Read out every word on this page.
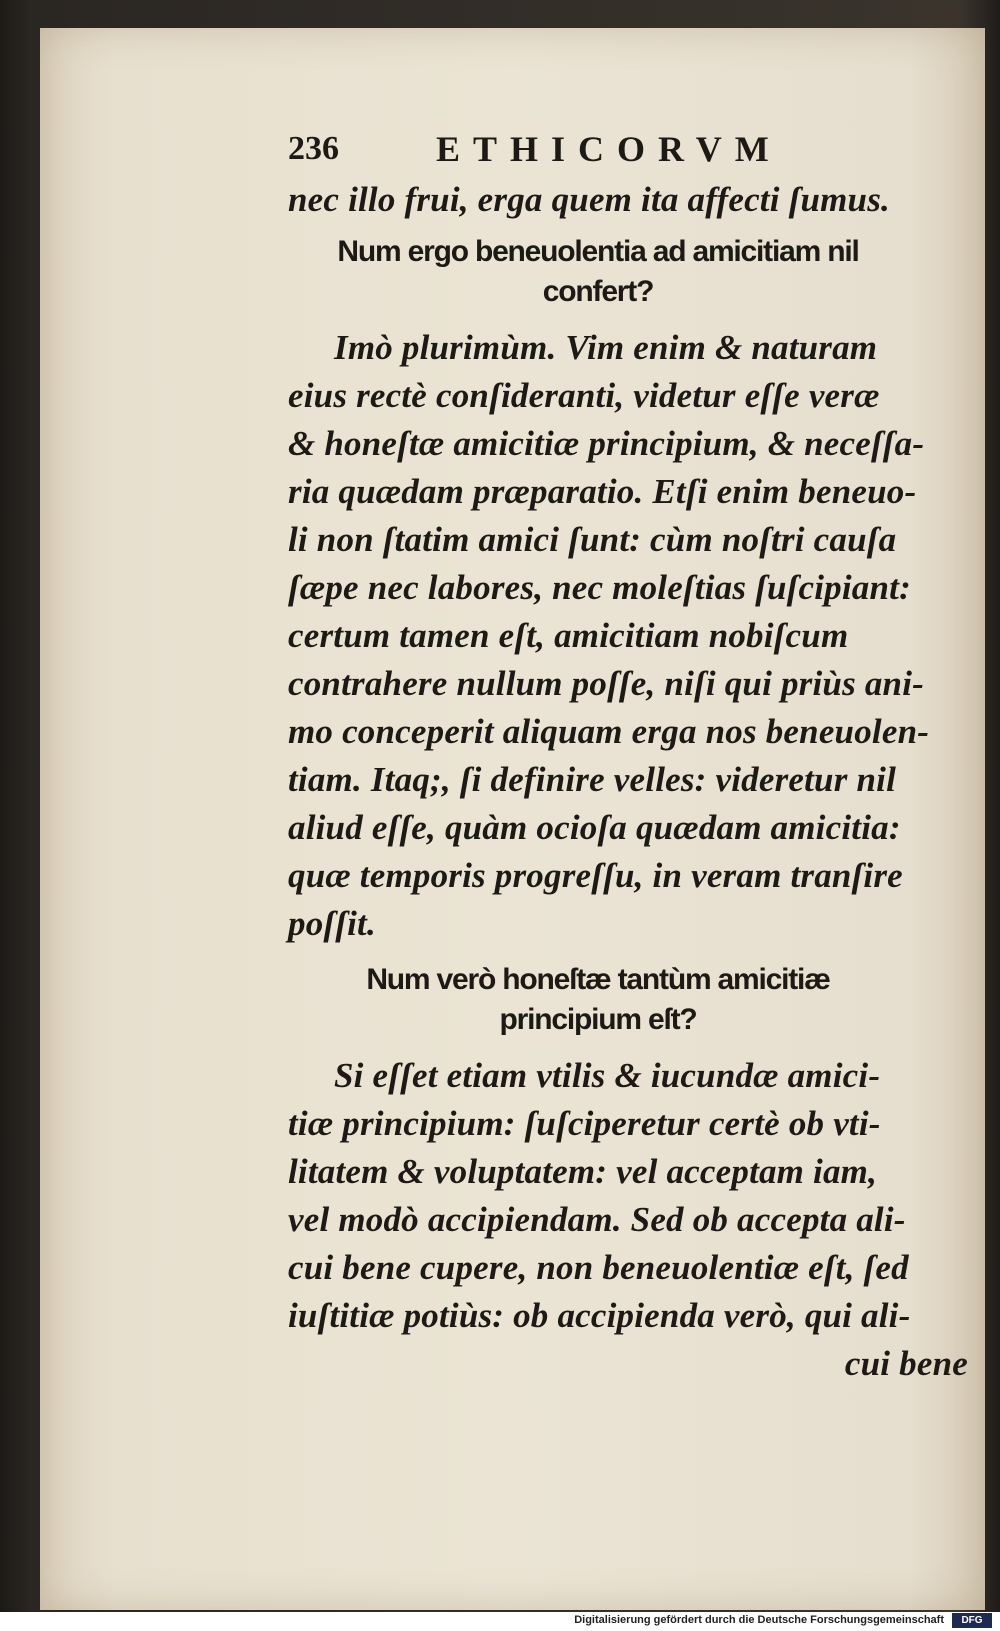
236	ETHICORVM
nec illo frui, erga quem ita affecti ſumus.
Num ergo beneuolentia ad amicitiam nil confert?
Imò plurimùm. Vim enim & naturam
eius rectè conſideranti, videtur eſſe veræ
& honeſtæ amicitiæ principium, & neceſſa-
ria quædam præparatio. Etſi enim beneuo-
li non ſtatim amici ſunt: cùm noſtri cauſa
ſæpe nec labores, nec moleſtias ſuſcipiant:
certum tamen eſt, amicitiam nobiſcum
contrahere nullum poſſe, niſi qui priùs ani-
mo conceperit aliquam erga nos beneuolen-
tiam. Itaq;, ſi definire velles: videretur nil
aliud eſſe, quàm ocioſa quædam amicitia:
quæ temporis progreſſu, in veram tranſire
poſſit.
Num verò honeſtæ tantùm amicitiæ principium eſt?
Si eſſet etiam vtilis & iucundæ amici-
tiæ principium: ſuſciperetur certè ob vti-
litatem & voluptatem: vel acceptam iam,
vel modò accipiendam. Sed ob accepta ali-
cui bene cupere, non beneuolentiæ eſt, ſed
iuſtitiæ potiùs: ob accipienda verò, qui ali-
cui bene
Digitalisierung gefördert durch die Deutsche Forschungsgemeinschaft	DFG
